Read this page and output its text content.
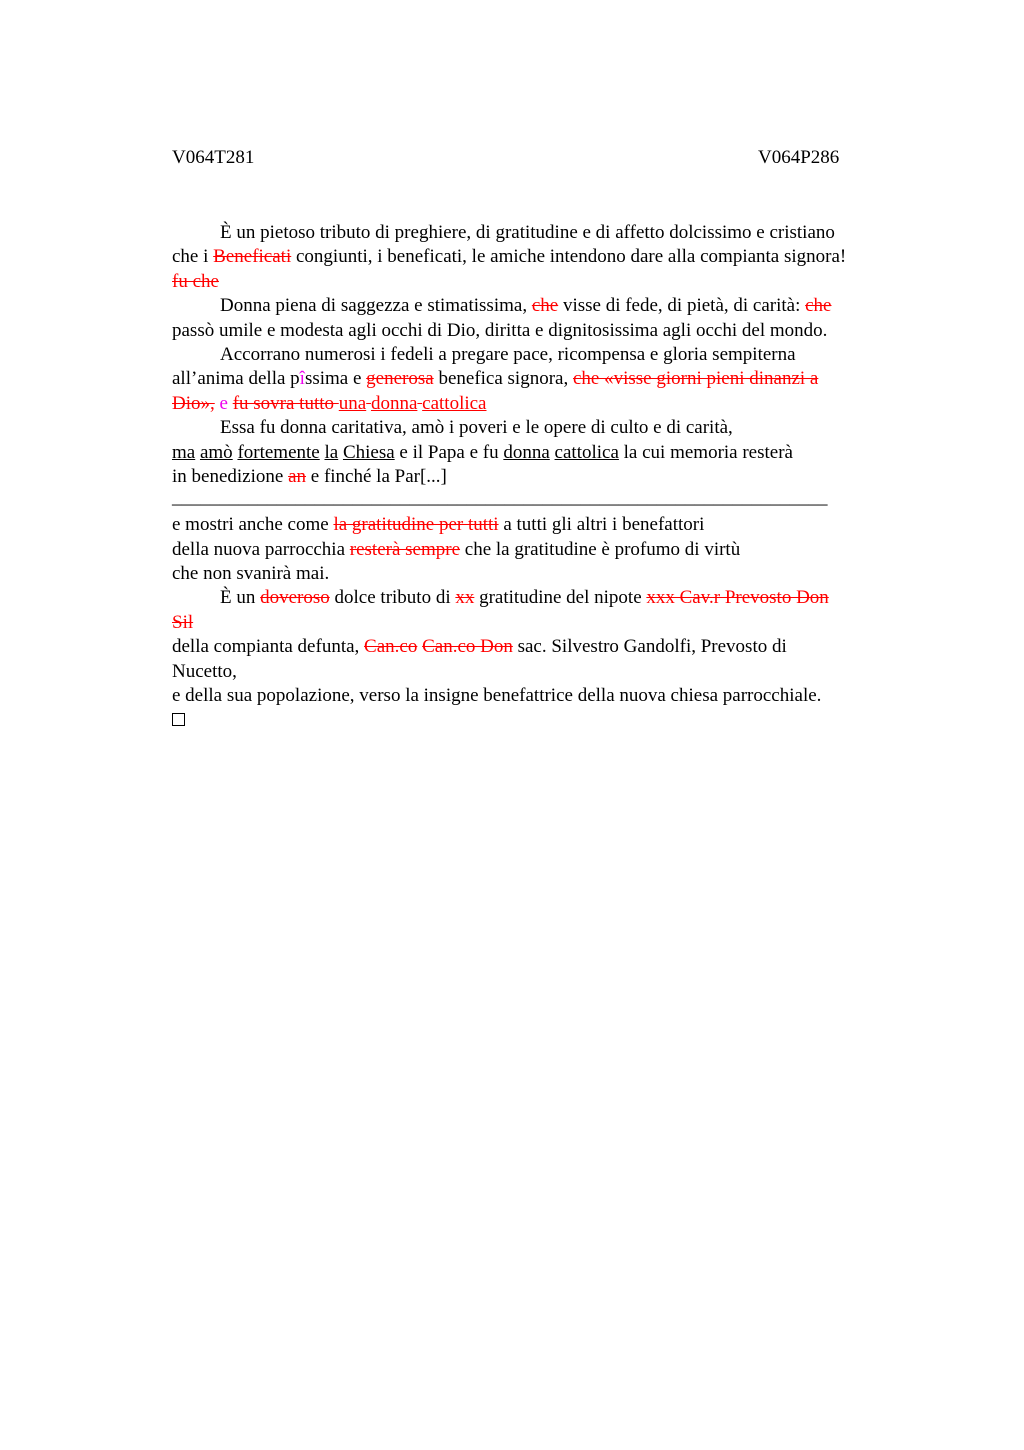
V064T281	V064P286
È un pietoso tributo di preghiere, di gratitudine e di affetto dolcissimo e cristiano
che i Beneficati congiunti, i beneficati, le amiche intendono dare alla compianta signora!
fu che
Donna piena di saggezza e stimatissima, che visse di fede, di pietà, di carità: che
passò umile e modesta agli occhi di Dio, diritta e dignitosissima agli occhi del mondo.
Accorrano numerosi i fedeli a pregare pace, ricompensa e gloria sempiterna
all’anima della pîssima e generosa benefica signora, che «visse giorni pieni dinanzi a
Dio», e fu sovra tutto una donna cattolica
Essa fu donna caritativa, amò i poveri e le opere di culto e di carità,
ma amò fortemente la Chiesa e il Papa e fu donna cattolica la cui memoria resterà
in benedizione an e finché la Par[...]
_____________________________________________________________________
e mostri anche come la gratitudine per tutti a tutti gli altri i benefattori
della nuova parrocchia resterà sempre che la gratitudine è profumo di virtù
che non svanirà mai.
È un doveroso dolce tributo di xx gratitudine del nipote xxx Cav.r Prevosto Don
Sil
della compianta defunta, Can.co Can.co Don sac. Silvestro Gandolfi, Prevosto di
Nucetto,
e della sua popolazione, verso la insigne benefattrice della nuova chiesa parrocchiale.
